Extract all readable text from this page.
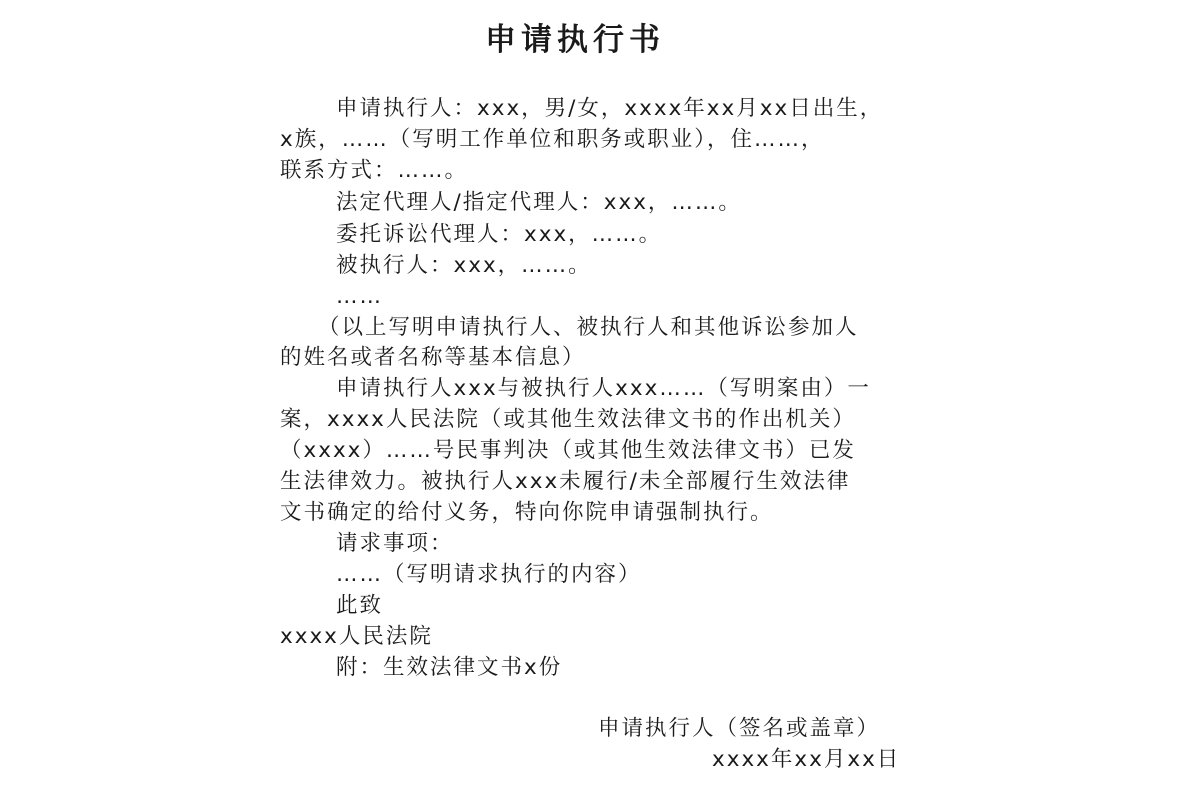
申请执行书
申请执行人：xxx，男/女，xxxx年xx月xx日出生，
x族，……（写明工作单位和职务或职业），住……，
联系方式：……。
法定代理人/指定代理人：xxx，……。
委托诉讼代理人：xxx，……。
被执行人：xxx，……。
……
（以上写明申请执行人、被执行人和其他诉讼参加人
的姓名或者名称等基本信息）
申请执行人xxx与被执行人xxx……（写明案由）一
案，xxxx人民法院（或其他生效法律文书的作出机关）
（xxxx）……号民事判决（或其他生效法律文书）已发
生法律效力。被执行人xxx未履行/未全部履行生效法律
文书确定的给付义务，特向你院申请强制执行。
请求事项：
……（写明请求执行的内容）
此致
xxxx人民法院
附：生效法律文书x份
申请执行人（签名或盖章）
xxxx年xx月xx日
